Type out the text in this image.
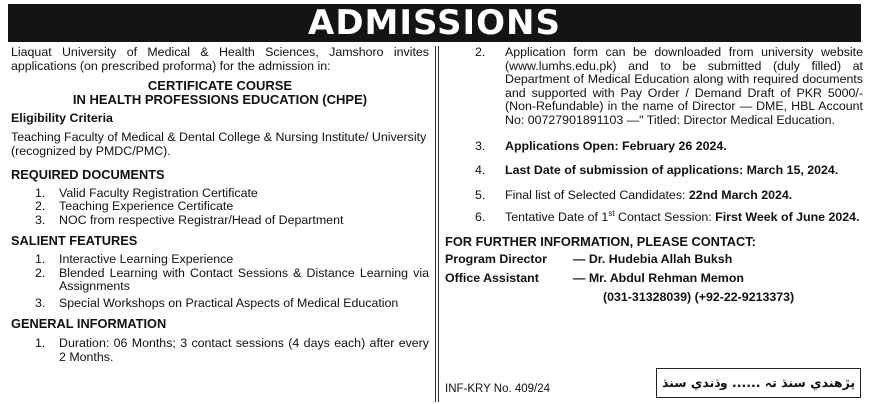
ADMISSIONS

Liaquat University of Medical & Health Sciences, Jamshoro invites applications (on prescribed proforma) for the admission in:

CERTIFICATE COURSE
IN HEALTH PROFESSIONS EDUCATION (CHPE)

Eligibility Criteria

Teaching Faculty of Medical & Dental College & Nursing Institute/ University (recognized by PMDC/PMC).

REQUIRED DOCUMENTS

1. Valid Faculty Registration Certificate
2. Teaching Experience Certificate
3. NOC from respective Registrar/Head of Department

SALIENT FEATURES

1. Interactive Learning Experience
2. Blended Learning with Contact Sessions & Distance Learning via Assignments
3. Special Workshops on Practical Aspects of Medical Education

GENERAL INFORMATION

1. Duration: 06 Months; 3 contact sessions (4 days each) after every 2 Months.
2. Application form can be downloaded from university website (www.lumhs.edu.pk) and to be submitted (duly filled) at Department of Medical Education along with required documents and supported with Pay Order / Demand Draft of PKR 5000/- (Non-Refundable) in the name of Director — DME, HBL Account No: 00727901891103 —" Titled: Director Medical Education.
3. Applications Open: February 26 2024.
4. Last Date of submission of applications: March 15, 2024.
5. Final list of Selected Candidates: 22nd March 2024.
6. Tentative Date of 1st Contact Session: First Week of June 2024.

FOR FURTHER INFORMATION, PLEASE CONTACT:

Program Director — Dr. Hudebia Allah Buksh
Office Assistant	— Mr. Abdul Rehman Memon
(031-31328039) (+92-22-9213373)
INF-KRY No. 409/24	پڙهندي سنڌ تہ ...... وڌندي سنڌ
